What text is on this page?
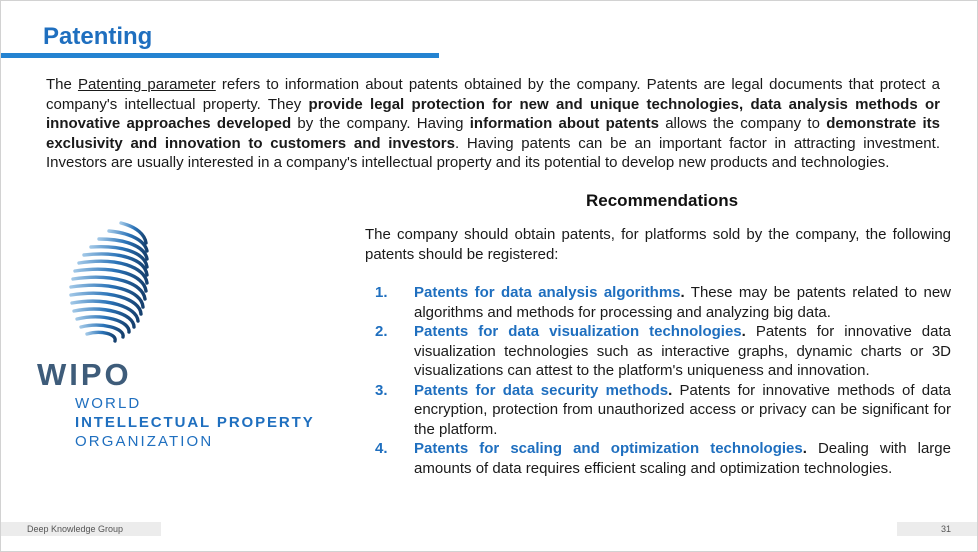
Patenting

The Patenting parameter refers to information about patents obtained by the company. Patents are legal documents that protect a company's intellectual property. They provide legal protection for new and unique technologies, data analysis methods or innovative approaches developed by the company. Having information about patents allows the company to demonstrate its exclusivity and innovation to customers and investors. Having patents can be an important factor in attracting investment. Investors are usually interested in a company's intellectual property and its potential to develop new products and technologies.

WIPO
WORLD
INTELLECTUAL PROPERTY
ORGANIZATION
Recommendations

The company should obtain patents, for platforms sold by the company, the following patents should be registered:

1. Patents for data analysis algorithms. These may be patents related to new algorithms and methods for processing and analyzing big data.
2. Patents for data visualization technologies. Patents for innovative data visualization technologies such as interactive graphs, dynamic charts or 3D visualizations can attest to the platform's uniqueness and innovation.
3. Patents for data security methods. Patents for innovative methods of data encryption, protection from unauthorized access or privacy can be significant for the platform.
4. Patents for scaling and optimization technologies. Dealing with large amounts of data requires efficient scaling and optimization technologies.
Deep Knowledge Group	31
